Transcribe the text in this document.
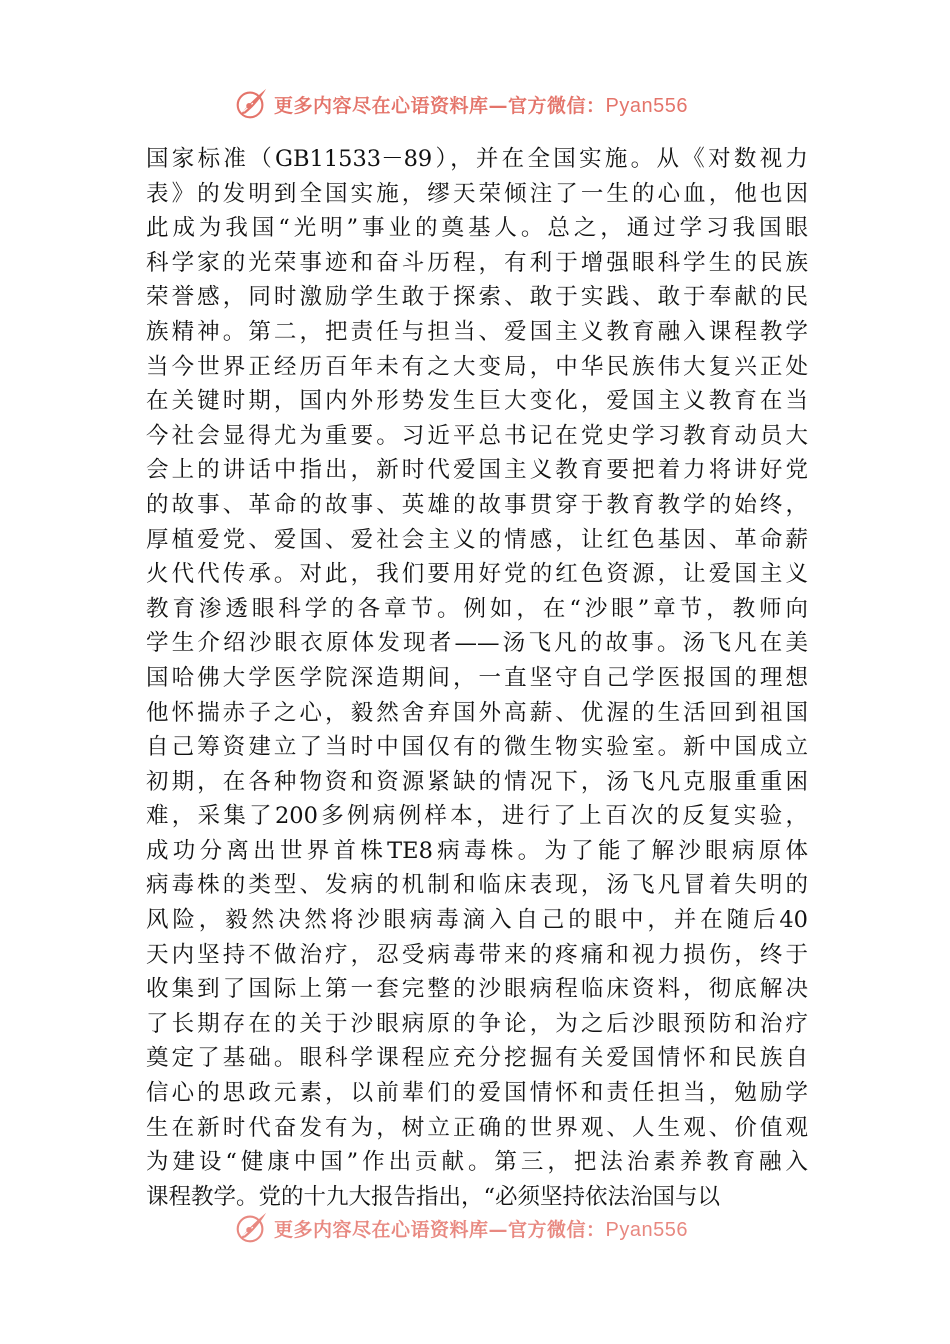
更多内容尽在心语资料库—官方微信：Pyan556
国家标准（GB11533－89），并在全国实施。从《对数视力
表》的发明到全国实施，缪天荣倾注了一生的心血，他也因
此成为我国“光明”事业的奠基人。总之，通过学习我国眼
科学家的光荣事迹和奋斗历程，有利于增强眼科学生的民族
荣誉感，同时激励学生敢于探索、敢于实践、敢于奉献的民
族精神。第二，把责任与担当、爱国主义教育融入课程教学
当今世界正经历百年未有之大变局，中华民族伟大复兴正处
在关键时期，国内外形势发生巨大变化，爱国主义教育在当
今社会显得尤为重要。习近平总书记在党史学习教育动员大
会上的讲话中指出，新时代爱国主义教育要把着力将讲好党
的故事、革命的故事、英雄的故事贯穿于教育教学的始终，
厚植爱党、爱国、爱社会主义的情感，让红色基因、革命薪
火代代传承。对此，我们要用好党的红色资源，让爱国主义
教育渗透眼科学的各章节。例如，在“沙眼”章节，教师向
学生介绍沙眼衣原体发现者——汤飞凡的故事。汤飞凡在美
国哈佛大学医学院深造期间，一直坚守自己学医报国的理想
他怀揣赤子之心，毅然舍弃国外高薪、优渥的生活回到祖国
自己筹资建立了当时中国仅有的微生物实验室。新中国成立
初期，在各种物资和资源紧缺的情况下，汤飞凡克服重重困
难，采集了200多例病例样本，进行了上百次的反复实验，
成功分离出世界首株TE8病毒株。为了能了解沙眼病原体
病毒株的类型、发病的机制和临床表现，汤飞凡冒着失明的
风险，毅然决然将沙眼病毒滴入自己的眼中，并在随后40
天内坚持不做治疗，忍受病毒带来的疼痛和视力损伤，终于
收集到了国际上第一套完整的沙眼病程临床资料，彻底解决
了长期存在的关于沙眼病原的争论，为之后沙眼预防和治疗
奠定了基础。眼科学课程应充分挖掘有关爱国情怀和民族自
信心的思政元素，以前辈们的爱国情怀和责任担当，勉励学
生在新时代奋发有为，树立正确的世界观、人生观、价值观
为建设“健康中国”作出贡献。第三，把法治素养教育融入
课程教学。党的十九大报告指出，“必须坚持依法治国与以
更多内容尽在心语资料库—官方微信：Pyan556
